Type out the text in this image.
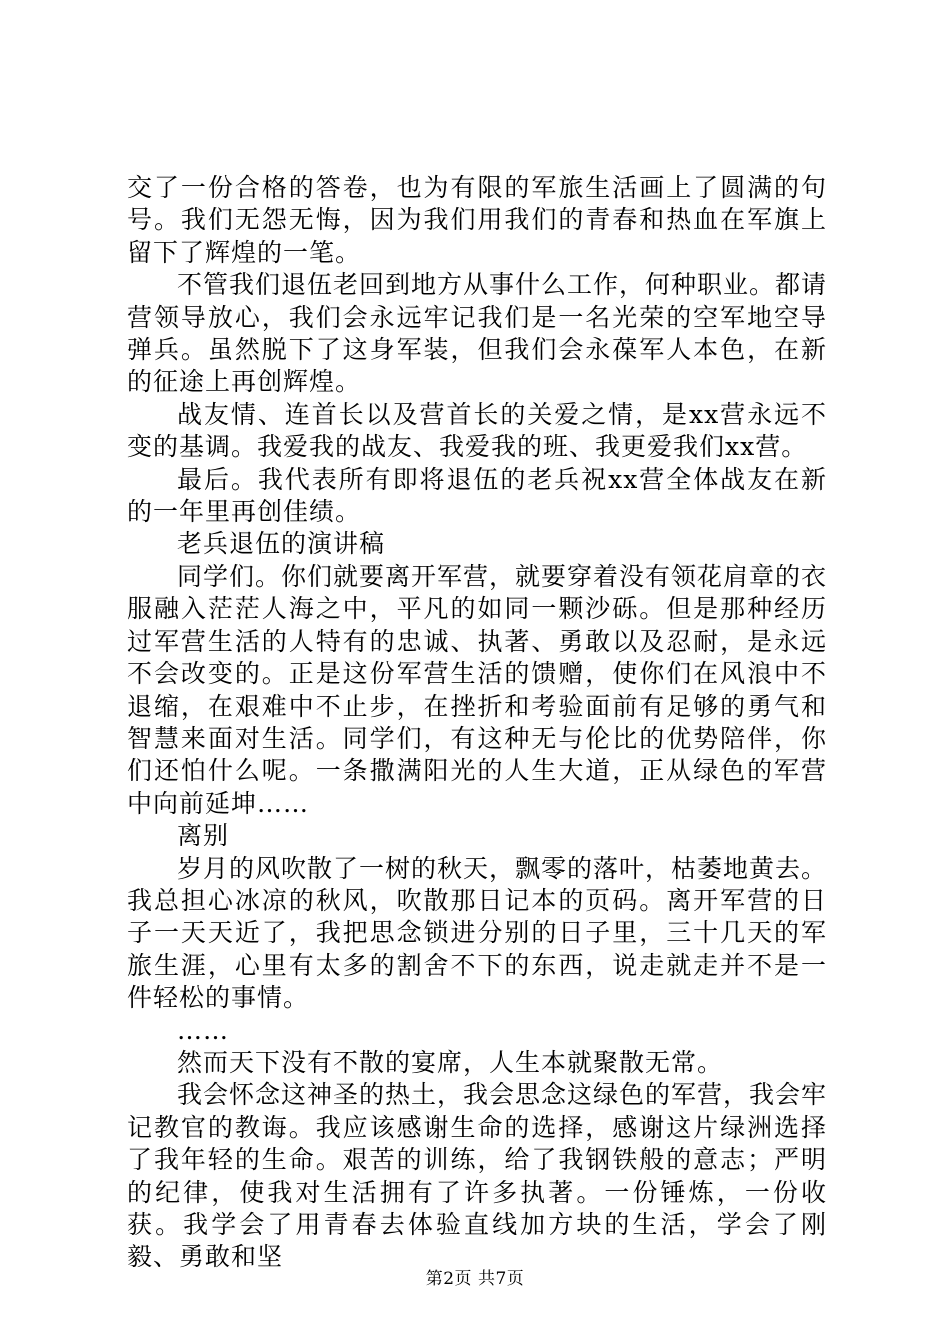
交了一份合格的答卷，也为有限的军旅生活画上了圆满的句号。我们无怨无悔，因为我们用我们的青春和热血在军旗上留下了辉煌的一笔。

不管我们退伍老回到地方从事什么工作，何种职业。都请营领导放心，我们会永远牢记我们是一名光荣的空军地空导弹兵。虽然脱下了这身军装，但我们会永葆军人本色，在新的征途上再创辉煌。

战友情、连首长以及营首长的关爱之情，是xx营永远不变的基调。我爱我的战友、我爱我的班、我更爱我们xx营。

最后。我代表所有即将退伍的老兵祝xx营全体战友在新的一年里再创佳绩。

老兵退伍的演讲稿

同学们。你们就要离开军营，就要穿着没有领花肩章的衣服融入茫茫人海之中，平凡的如同一颗沙砾。但是那种经历过军营生活的人特有的忠诚、执著、勇敢以及忍耐，是永远不会改变的。正是这份军营生活的馈赠，使你们在风浪中不退缩，在艰难中不止步，在挫折和考验面前有足够的勇气和智慧来面对生活。同学们，有这种无与伦比的优势陪伴，你们还怕什么呢。一条撒满阳光的人生大道，正从绿色的军营中向前延坤……

离别

岁月的风吹散了一树的秋天，飘零的落叶，枯萎地黄去。我总担心冰凉的秋风，吹散那日记本的页码。离开军营的日子一天天近了，我把思念锁进分别的日子里，三十几天的军旅生涯，心里有太多的割舍不下的东西，说走就走并不是一件轻松的事情。

……

然而天下没有不散的宴席，人生本就聚散无常。

我会怀念这神圣的热土，我会思念这绿色的军营，我会牢记教官的教诲。我应该感谢生命的选择，感谢这片绿洲选择了我年轻的生命。艰苦的训练，给了我钢铁般的意志；严明的纪律，使我对生活拥有了许多执著。一份锤炼，一份收获。我学会了用青春去体验直线加方块的生活，学会了刚毅、勇敢和坚

第2页 共7页
